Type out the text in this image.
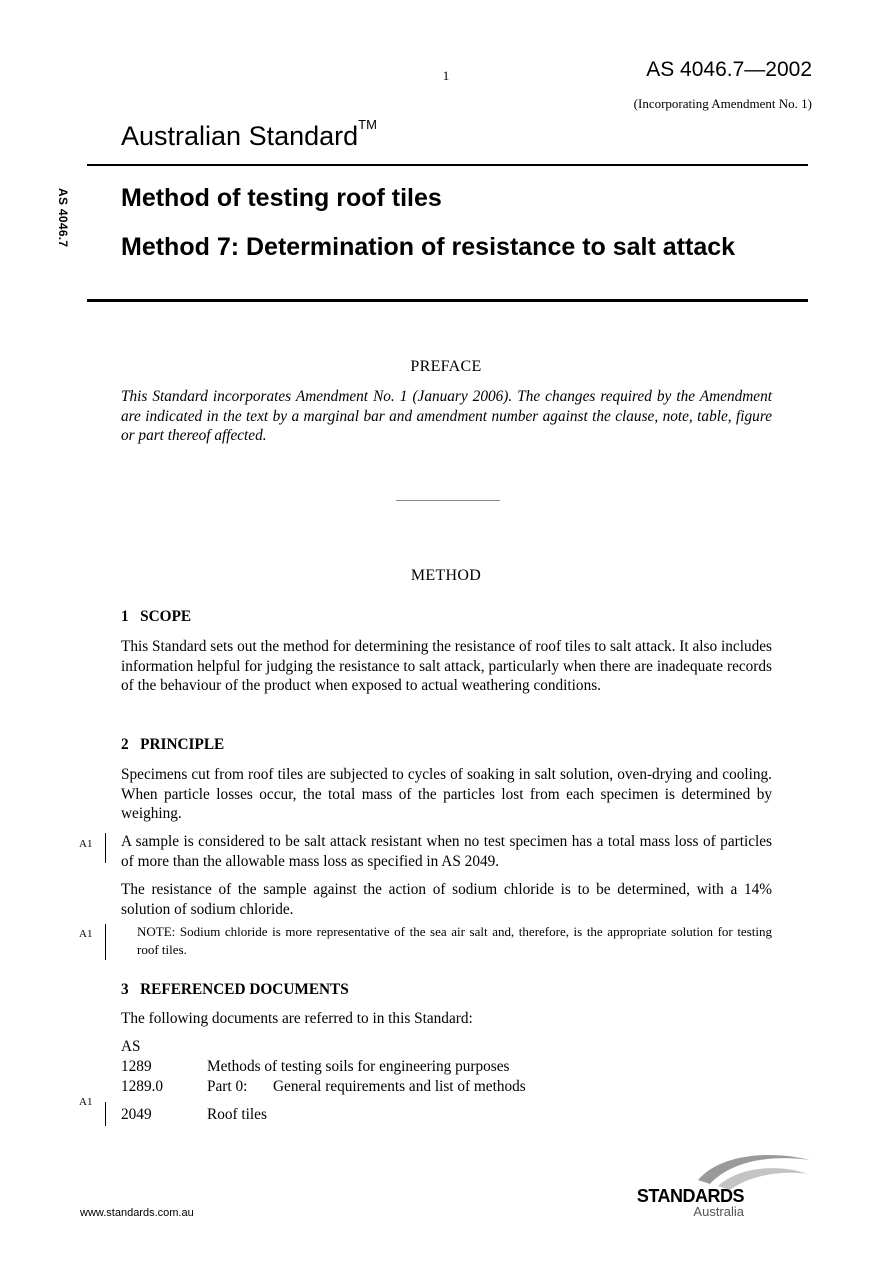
1	AS 4046.7—2002
(Incorporating Amendment No. 1)
Australian Standard™
AS 4046.7 Method of testing roof tiles
Method 7: Determination of resistance to salt attack
PREFACE
This Standard incorporates Amendment No. 1 (January 2006). The changes required by the Amendment are indicated in the text by a marginal bar and amendment number against the clause, note, table, figure or part thereof affected.
METHOD
1   SCOPE
This Standard sets out the method for determining the resistance of roof tiles to salt attack. It also includes information helpful for judging the resistance to salt attack, particularly when there are inadequate records of the behaviour of the product when exposed to actual weathering conditions.
2   PRINCIPLE
Specimens cut from roof tiles are subjected to cycles of soaking in salt solution, oven-drying and cooling. When particle losses occur, the total mass of the particles lost from each specimen is determined by weighing.
A1 A sample is considered to be salt attack resistant when no test specimen has a total mass loss of particles of more than the allowable mass loss as specified in AS 2049.
The resistance of the sample against the action of sodium chloride is to be determined, with a 14% solution of sodium chloride.
A1	NOTE: Sodium chloride is more representative of the sea air salt and, therefore, is the appropriate solution for testing roof tiles.
3   REFERENCED DOCUMENTS
The following documents are referred to in this Standard:
AS
1289	Methods of testing soils for engineering purposes
1289.0	Part 0:	General requirements and list of methods
2049	Roof tiles
A1
www.standards.com.au
STANDARDS
Australia
